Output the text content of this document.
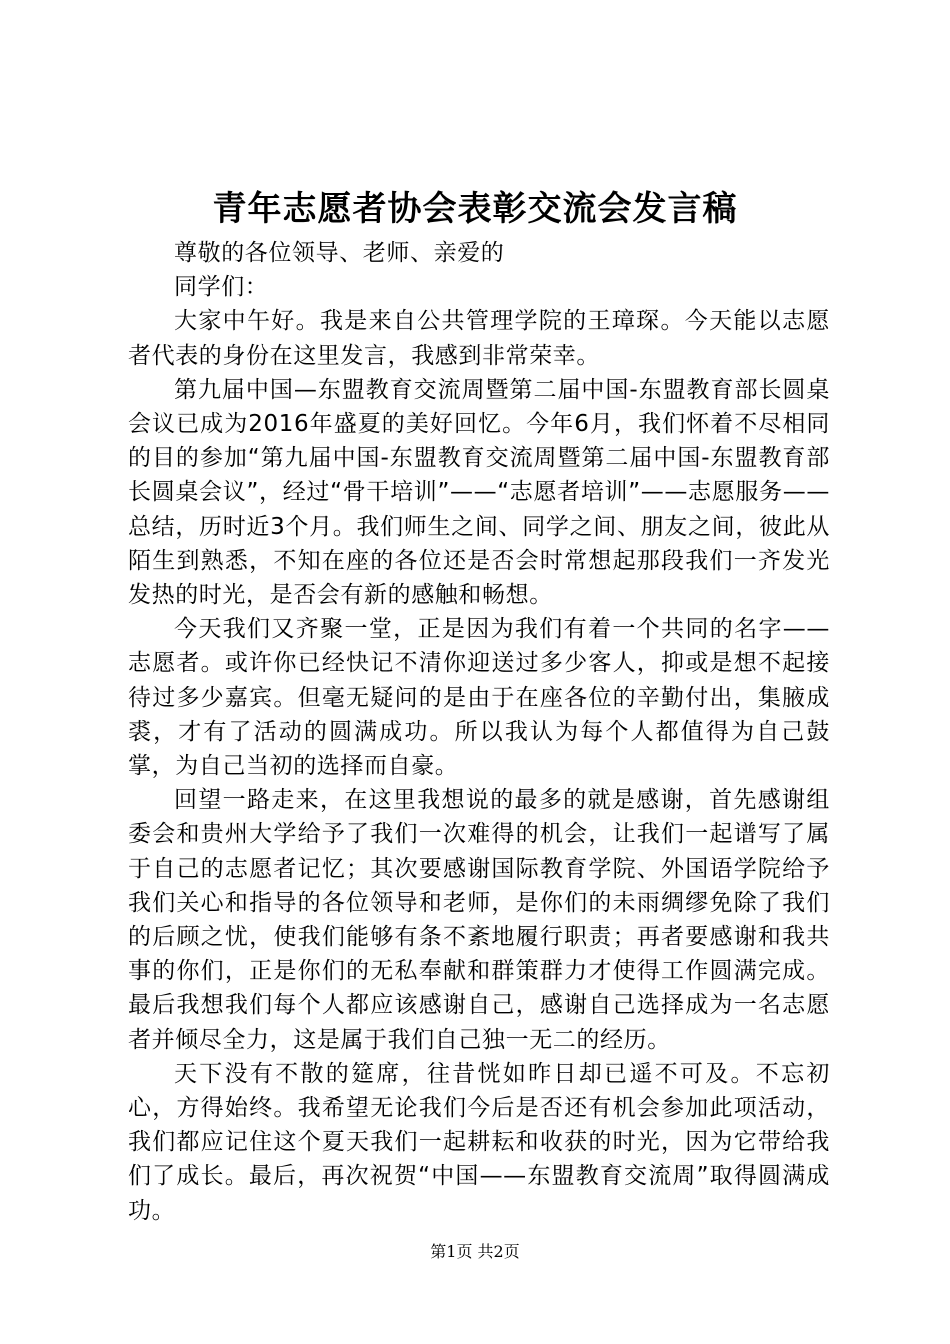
青年志愿者协会表彰交流会发言稿

尊敬的各位领导、老师、亲爱的

同学们：

大家中午好。我是来自公共管理学院的王璋琛。今天能以志愿者代表的身份在这里发言，我感到非常荣幸。

第九届中国—东盟教育交流周暨第二届中国-东盟教育部长圆桌会议已成为2016年盛夏的美好回忆。今年6月，我们怀着不尽相同的目的参加“第九届中国-东盟教育交流周暨第二届中国-东盟教育部长圆桌会议”，经过“骨干培训”——“志愿者培训”——志愿服务——总结，历时近3个月。我们师生之间、同学之间、朋友之间，彼此从陌生到熟悉，不知在座的各位还是否会时常想起那段我们一齐发光发热的时光，是否会有新的感触和畅想。

今天我们又齐聚一堂，正是因为我们有着一个共同的名字——志愿者。或许你已经快记不清你迎送过多少客人，抑或是想不起接待过多少嘉宾。但毫无疑问的是由于在座各位的辛勤付出，集腋成裘，才有了活动的圆满成功。所以我认为每个人都值得为自己鼓掌，为自己当初的选择而自豪。

回望一路走来，在这里我想说的最多的就是感谢，首先感谢组委会和贵州大学给予了我们一次难得的机会，让我们一起谱写了属于自己的志愿者记忆；其次要感谢国际教育学院、外国语学院给予我们关心和指导的各位领导和老师，是你们的未雨绸缪免除了我们的后顾之忧，使我们能够有条不紊地履行职责；再者要感谢和我共事的你们，正是你们的无私奉献和群策群力才使得工作圆满完成。最后我想我们每个人都应该感谢自己，感谢自己选择成为一名志愿者并倾尽全力，这是属于我们自己独一无二的经历。

天下没有不散的筵席，往昔恍如昨日却已遥不可及。不忘初心，方得始终。我希望无论我们今后是否还有机会参加此项活动，我们都应记住这个夏天我们一起耕耘和收获的时光，因为它带给我们了成长。最后，再次祝贺“中国——东盟教育交流周”取得圆满成功。

第1页 共2页
